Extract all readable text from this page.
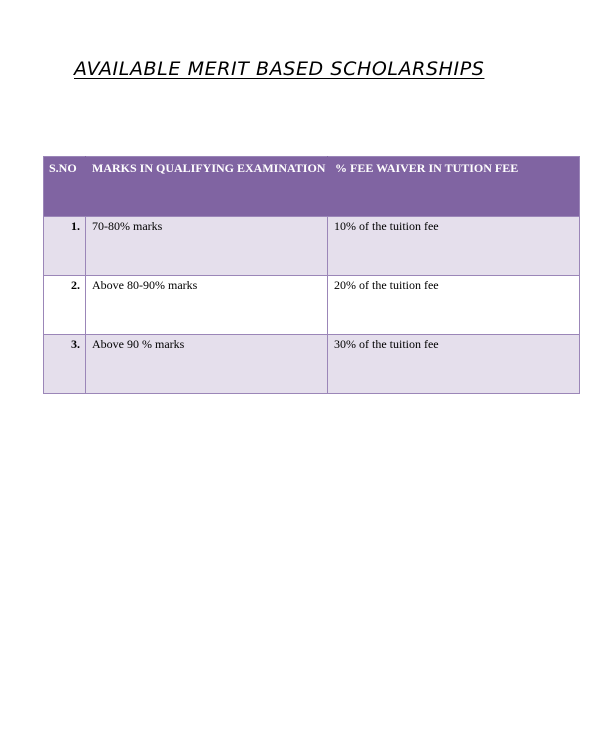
AVAILABLE MERIT BASED SCHOLARSHIPS
S.NO	MARKS IN QUALIFYING EXAMINATION	% FEE WAIVER IN TUTION FEE
1.	70-80% marks	10% of the tuition fee
2.	Above 80-90% marks	20% of the tuition fee
3.	Above 90 % marks	30% of the tuition fee
